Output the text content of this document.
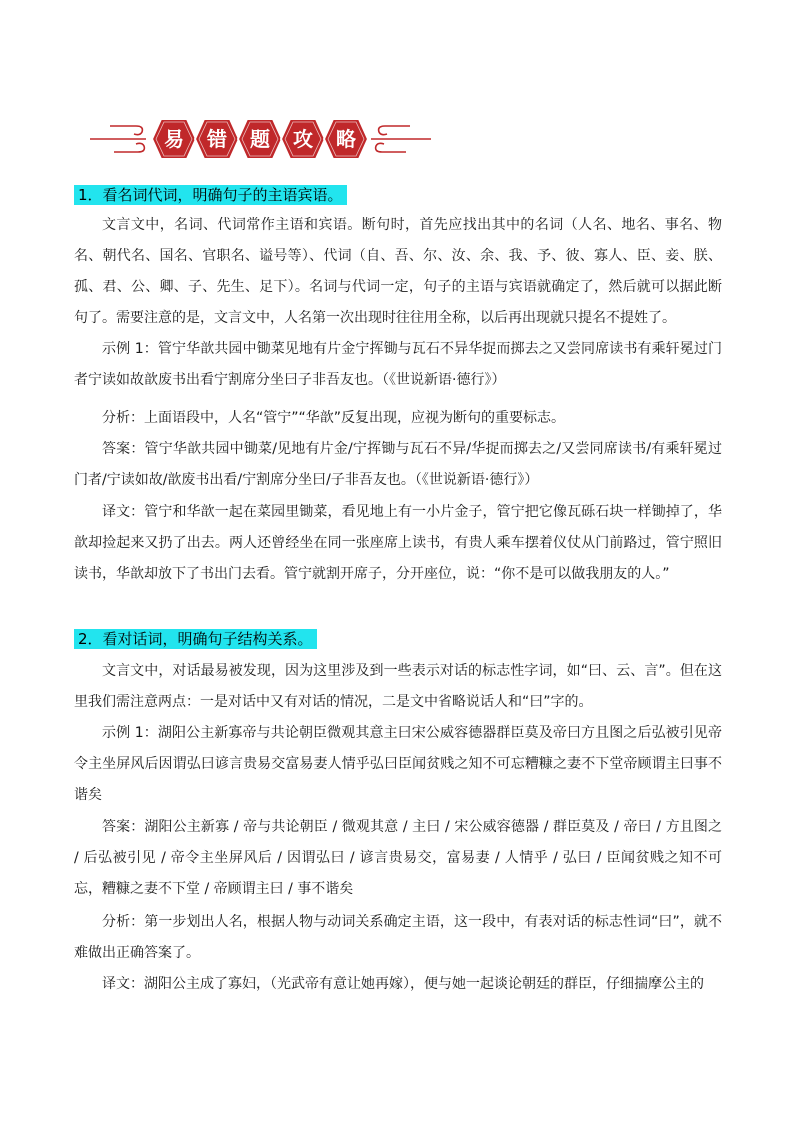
易 错 题 攻 略
1．看名词代词，明确句子的主语宾语。

文言文中，名词、代词常作主语和宾语。断句时，首先应找出其中的名词（人名、地名、事名、物名、朝代名、国名、官职名、谥号等）、代词（自、吾、尔、汝、余、我、予、彼、寡人、臣、妾、朕、孤、君、公、卿、子、先生、足下）。名词与代词一定，句子的主语与宾语就确定了，然后就可以据此断句了。需要注意的是，文言文中，人名第一次出现时往往用全称，以后再出现就只提名不提姓了。

示例 1：管宁华歆共园中锄菜见地有片金宁挥锄与瓦石不异华捉而掷去之又尝同席读书有乘轩冕过门者宁读如故歆废书出看宁割席分坐曰子非吾友也。（《世说新语·德行》）

分析：上面语段中，人名“管宁”“华歆”反复出现，应视为断句的重要标志。

答案：管宁华歆共园中锄菜/见地有片金/宁挥锄与瓦石不异/华捉而掷去之/又尝同席读书/有乘轩冕过门者/宁读如故/歆废书出看/宁割席分坐曰/子非吾友也。（《世说新语·德行》）

译文：管宁和华歆一起在菜园里锄菜，看见地上有一小片金子，管宁把它像瓦砾石块一样锄掉了，华歆却捡起来又扔了出去。两人还曾经坐在同一张座席上读书，有贵人乘车摆着仪仗从门前路过，管宁照旧读书，华歆却放下了书出门去看。管宁就割开席子，分开座位，说：“你不是可以做我朋友的人。”

2．看对话词，明确句子结构关系。

文言文中，对话最易被发现，因为这里涉及到一些表示对话的标志性字词，如“曰、云、言”。但在这里我们需注意两点：一是对话中又有对话的情况，二是文中省略说话人和“曰”字的。

示例 1：湖阳公主新寡帝与共论朝臣微观其意主曰宋公威容德器群臣莫及帝曰方且图之后弘被引见帝令主坐屏风后因谓弘曰谚言贵易交富易妻人情乎弘曰臣闻贫贱之知不可忘糟糠之妻不下堂帝顾谓主曰事不谐矣

答案：湖阳公主新寡 / 帝与共论朝臣 / 微观其意 / 主曰 / 宋公威容德器 / 群臣莫及 / 帝曰 / 方且图之 / 后弘被引见 / 帝令主坐屏风后 / 因谓弘曰 / 谚言贵易交，富易妻 / 人情乎 / 弘曰 / 臣闻贫贱之知不可忘，糟糠之妻不下堂 / 帝顾谓主曰 / 事不谐矣

分析：第一步划出人名，根据人物与动词关系确定主语，这一段中，有表对话的标志性词“曰”，就不难做出正确答案了。

译文：湖阳公主成了寡妇，（光武帝有意让她再嫁），便与她一起谈论朝廷的群臣，仔细揣摩公主的
